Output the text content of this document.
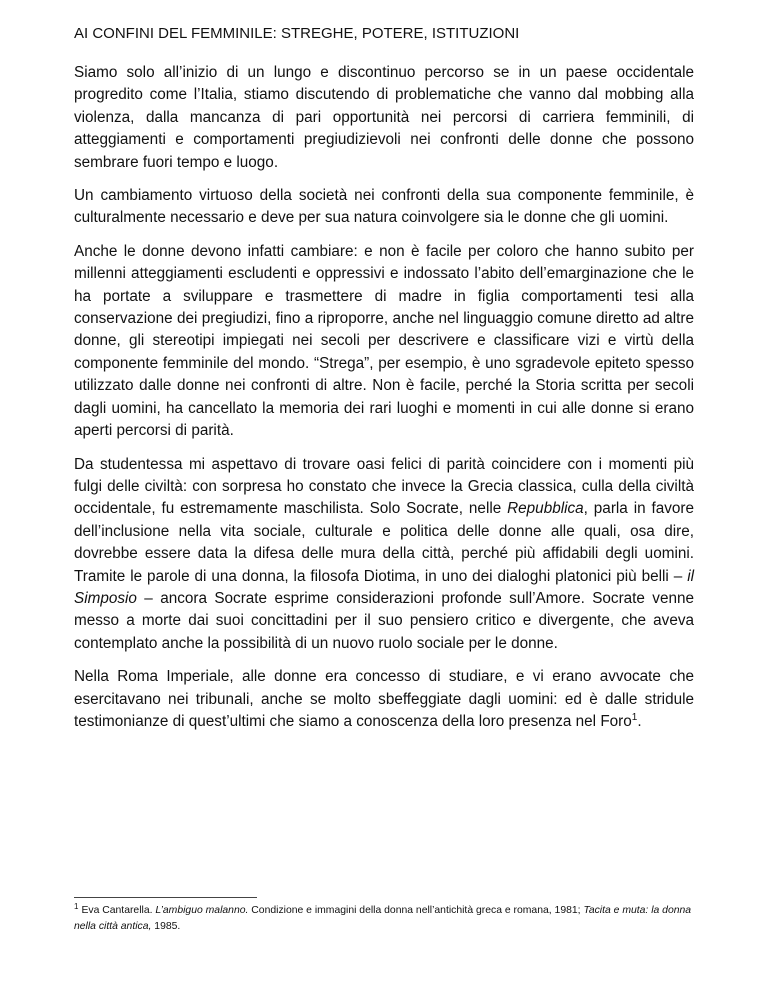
AI CONFINI DEL FEMMINILE: STREGHE, POTERE, ISTITUZIONI

Siamo solo all’inizio di un lungo e discontinuo percorso se in un paese occidentale progredito come l’Italia, stiamo discutendo di problematiche che vanno dal mobbing alla violenza, dalla mancanza di pari opportunità nei percorsi di carriera femminili, di atteggiamenti e comportamenti pregiudizievoli nei confronti delle donne che possono sembrare fuori tempo e luogo.

Un cambiamento virtuoso della società nei confronti della sua componente femminile, è culturalmente necessario e deve per sua natura coinvolgere sia le donne che gli uomini.

Anche le donne devono infatti cambiare: e non è facile per coloro che hanno subito per millenni atteggiamenti escludenti e oppressivi e indossato l’abito dell’emarginazione che le ha portate a sviluppare e trasmettere di madre in figlia comportamenti tesi alla conservazione dei pregiudizi, fino a riproporre, anche nel linguaggio comune diretto ad altre donne, gli stereotipi impiegati nei secoli per descrivere e classificare vizi e virtù della componente femminile del mondo. “Strega”, per esempio, è uno sgradevole epiteto spesso utilizzato dalle donne nei confronti di altre. Non è facile, perché la Storia scritta per secoli dagli uomini, ha cancellato la memoria dei rari luoghi e momenti in cui alle donne si erano aperti percorsi di parità.

Da studentessa mi aspettavo di trovare oasi felici di parità coincidere con i momenti più fulgi delle civiltà: con sorpresa ho constato che invece la Grecia classica, culla della civiltà occidentale, fu estremamente maschilista. Solo Socrate, nelle Repubblica, parla in favore dell’inclusione nella vita sociale, culturale e politica delle donne alle quali, osa dire, dovrebbe essere data la difesa delle mura della città, perché più affidabili degli uomini. Tramite le parole di una donna, la filosofa Diotima, in uno dei dialoghi platonici più belli – il Simposio – ancora Socrate esprime considerazioni profonde sull’Amore. Socrate venne messo a morte dai suoi concittadini per il suo pensiero critico e divergente, che aveva contemplato anche la possibilità di un nuovo ruolo sociale per le donne.

Nella Roma Imperiale, alle donne era concesso di studiare, e vi erano avvocate che esercitavano nei tribunali, anche se molto sbeffeggiate dagli uomini: ed è dalle stridule testimonianze di quest’ultimi che siamo a conoscenza della loro presenza nel Foro$^1$.

$^1$ Eva Cantarella. L’ambiguo malanno. Condizione e immagini della donna nell’antichità greca e romana, 1981; Tacita e muta: la donna nella città antica, 1985.
